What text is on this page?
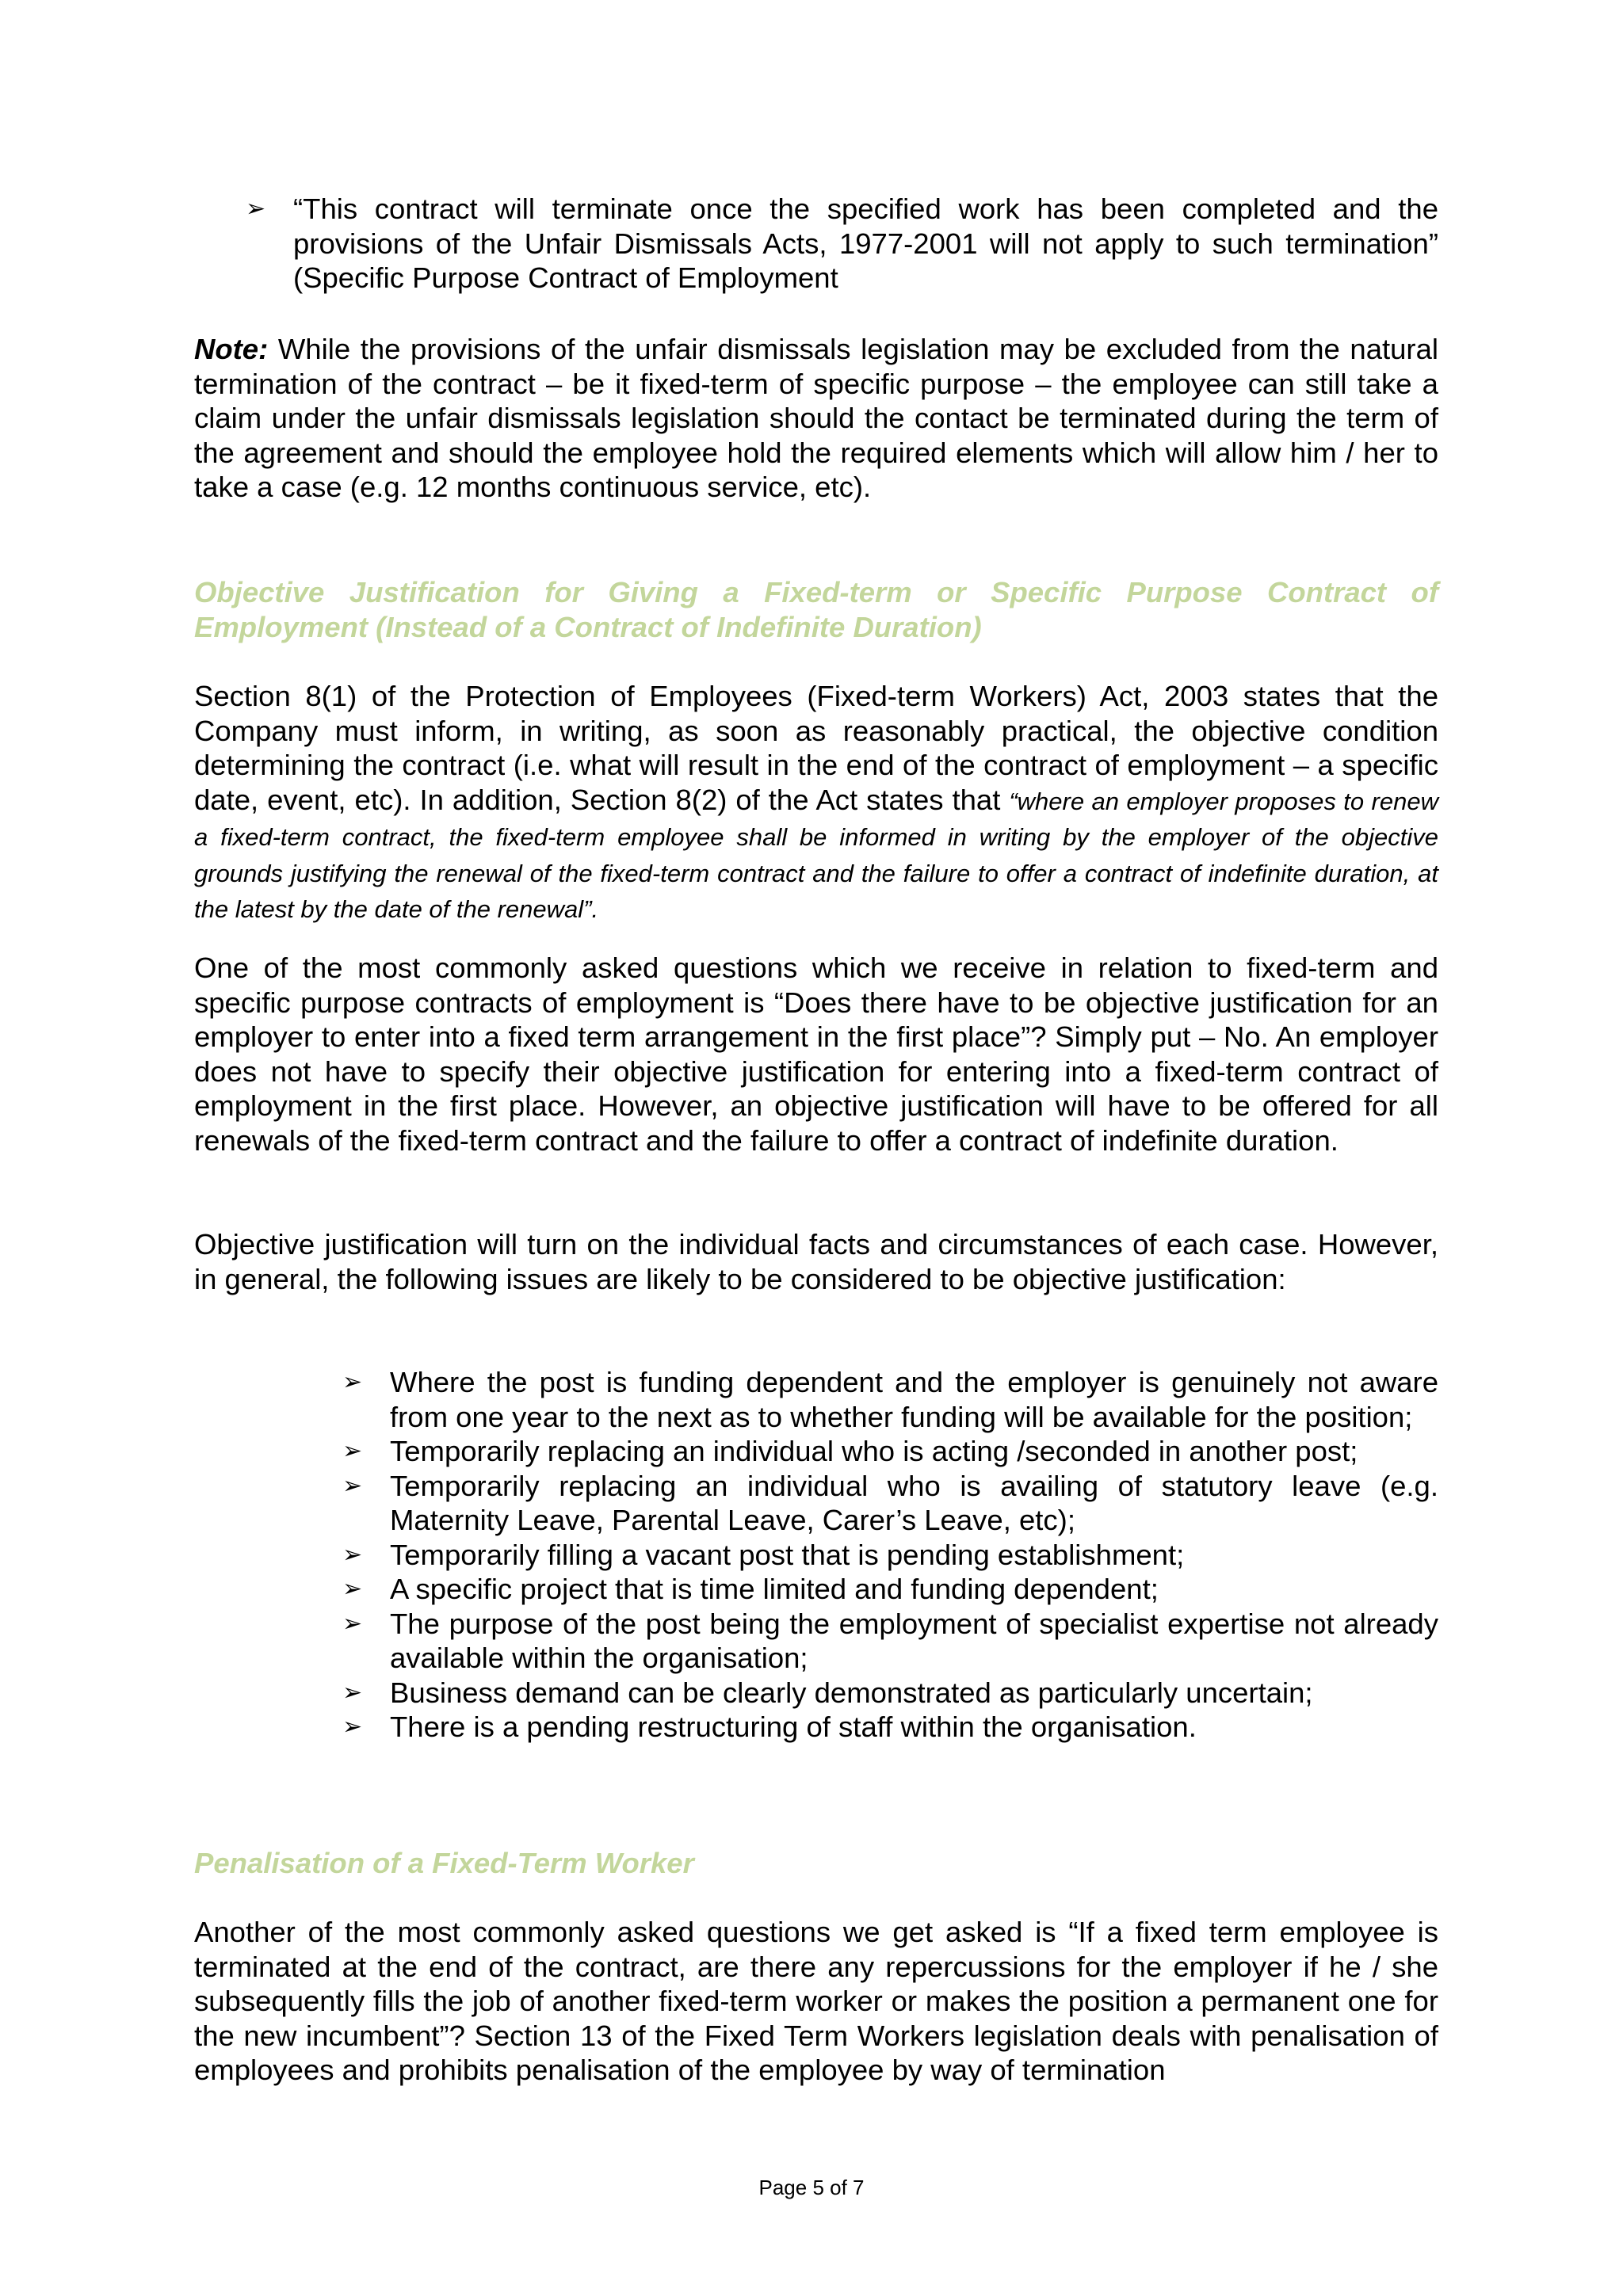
➢ “This contract will terminate once the specified work has been completed and the provisions of the Unfair Dismissals Acts, 1977-2001 will not apply to such termination” (Specific Purpose Contract of Employment
Note: While the provisions of the unfair dismissals legislation may be excluded from the natural termination of the contract – be it fixed-term of specific purpose – the employee can still take a claim under the unfair dismissals legislation should the contact be terminated during the term of the agreement and should the employee hold the required elements which will allow him / her to take a case (e.g. 12 months continuous service, etc).
Objective Justification for Giving a Fixed-term or Specific Purpose Contract of Employment (Instead of a Contract of Indefinite Duration)
Section 8(1) of the Protection of Employees (Fixed-term Workers) Act, 2003 states that the Company must inform, in writing, as soon as reasonably practical, the objective condition determining the contract (i.e. what will result in the end of the contract of employment – a specific date, event, etc). In addition, Section 8(2) of the Act states that “where an employer proposes to renew a fixed-term contract, the fixed-term employee shall be informed in writing by the employer of the objective grounds justifying the renewal of the fixed-term contract and the failure to offer a contract of indefinite duration, at the latest by the date of the renewal”.
One of the most commonly asked questions which we receive in relation to fixed-term and specific purpose contracts of employment is “Does there have to be objective justification for an employer to enter into a fixed term arrangement in the first place”? Simply put – No. An employer does not have to specify their objective justification for entering into a fixed-term contract of employment in the first place. However, an objective justification will have to be offered for all renewals of the fixed-term contract and the failure to offer a contract of indefinite duration.
Objective justification will turn on the individual facts and circumstances of each case. However, in general, the following issues are likely to be considered to be objective justification:
➢ Where the post is funding dependent and the employer is genuinely not aware from one year to the next as to whether funding will be available for the position;
➢ Temporarily replacing an individual who is acting /seconded in another post;
➢ Temporarily replacing an individual who is availing of statutory leave (e.g. Maternity Leave, Parental Leave, Carer’s Leave, etc);
➢ Temporarily filling a vacant post that is pending establishment;
➢ A specific project that is time limited and funding dependent;
➢ The purpose of the post being the employment of specialist expertise not already available within the organisation;
➢ Business demand can be clearly demonstrated as particularly uncertain;
➢ There is a pending restructuring of staff within the organisation.
Penalisation of a Fixed-Term Worker
Another of the most commonly asked questions we get asked is “If a fixed term employee is terminated at the end of the contract, are there any repercussions for the employer if he / she subsequently fills the job of another fixed-term worker or makes the position a permanent one for the new incumbent”? Section 13 of the Fixed Term Workers legislation deals with penalisation of employees and prohibits penalisation of the employee by way of termination
Page 5 of 7
